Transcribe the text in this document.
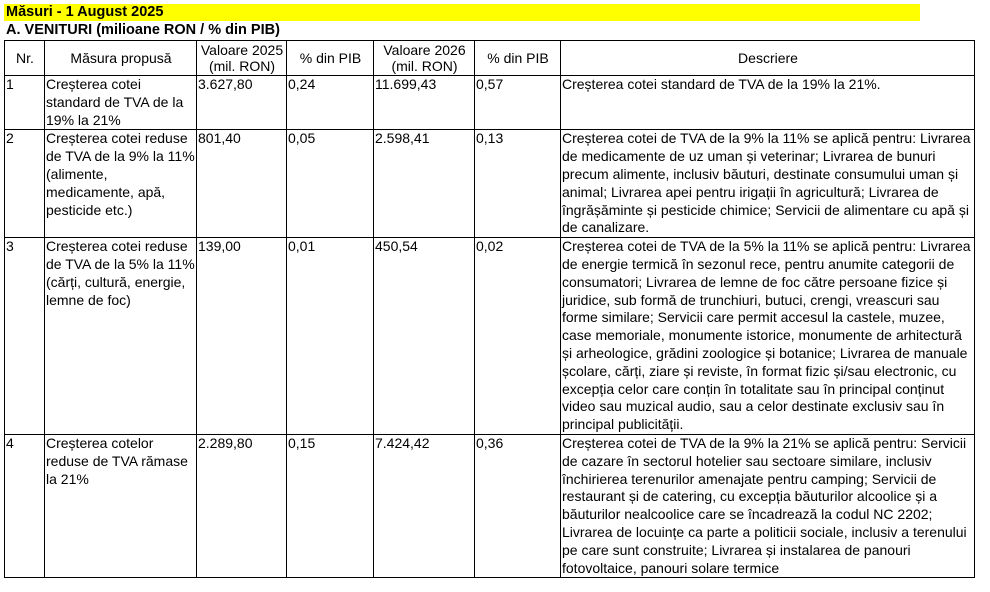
Măsuri - 1 August 2025
A. VENITURI (milioane RON / % din PIB)
Nr.	Măsura propusă	Valoare 2025 (mil. RON)	% din PIB	Valoare 2026 (mil. RON)	% din PIB	Descriere
1	Creșterea cotei standard de TVA de la 19% la 21%	3.627,80	0,24	11.699,43	0,57	Creșterea cotei standard de TVA de la 19% la 21%.
2	Creșterea cotei reduse de TVA de la 9% la 11% (alimente, medicamente, apă, pesticide etc.)	801,40	0,05	2.598,41	0,13	Creșterea cotei de TVA de la 9% la 11% se aplică pentru: Livrarea de medicamente de uz uman și veterinar; Livrarea de bunuri precum alimente, inclusiv băuturi, destinate consumului uman și animal; Livrarea apei pentru irigații în agricultură; Livrarea de îngrășăminte și pesticide chimice; Servicii de alimentare cu apă și de canalizare.
3	Creșterea cotei reduse de TVA de la 5% la 11% (cărți, cultură, energie, lemne de foc)	139,00	0,01	450,54	0,02	Creșterea cotei de TVA de la 5% la 11% se aplică pentru: Livrarea de energie termică în sezonul rece, pentru anumite categorii de consumatori; Livrarea de lemne de foc către persoane fizice și juridice, sub formă de trunchiuri, butuci, crengi, vreascuri sau forme similare; Servicii care permit accesul la castele, muzee, case memoriale, monumente istorice, monumente de arhitectură și arheologice, grădini zoologice și botanice; Livrarea de manuale școlare, cărți, ziare și reviste, în format fizic și/sau electronic, cu excepția celor care conțin în totalitate sau în principal conținut video sau muzical audio, sau a celor destinate exclusiv sau în principal publicității.
4	Creșterea cotelor reduse de TVA rămase la 21%	2.289,80	0,15	7.424,42	0,36	Creșterea cotei de TVA de la 9% la 21% se aplică pentru: Servicii de cazare în sectorul hotelier sau sectoare similare, inclusiv închirierea terenurilor amenajate pentru camping; Servicii de restaurant și de catering, cu excepția băuturilor alcoolice și a băuturilor nealcoolice care se încadrează la codul NC 2202; Livrarea de locuințe ca parte a politicii sociale, inclusiv a terenului pe care sunt construite; Livrarea și instalarea de panouri fotovoltaice, panouri solare termice
